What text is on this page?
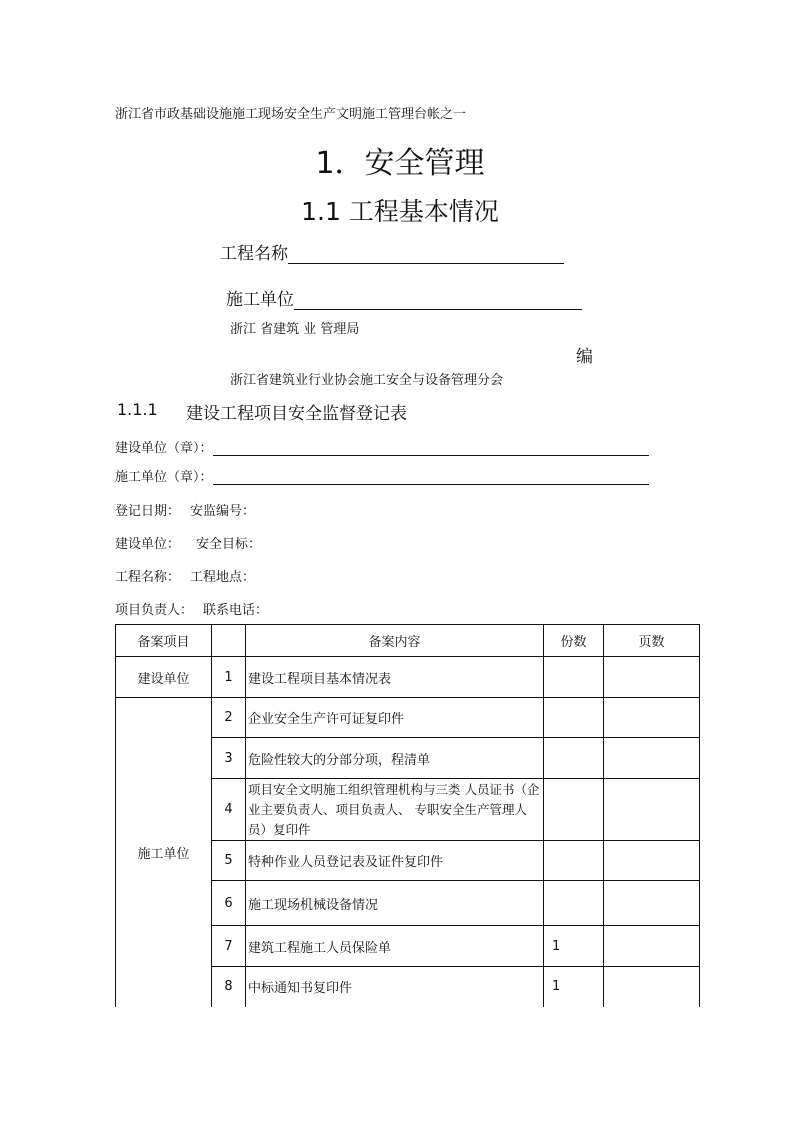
浙江省市政基础设施施工现场安全生产文明施工管理台帐之一
1．安全管理
1.1 工程基本情况
工程名称
施工单位
浙江 省建筑 业 管理局
编
浙江省建筑业行业协会施工安全与设备管理分会
1.1.1 建设工程项目安全监督登记表
建设单位（章）：
施工单位（章）：
登记日期： 安监编号：
建设单位： 安全目标：
工程名称： 工程地点：
项目负责人： 联系电话：
备案项目		备案内容	份数	页数
建设单位	1	建设工程项目基本情况表		
施工单位	2	企业安全生产许可证复印件		
	3	危险性较大的分部分项，程清单		
	4	项目安全文明施工组织管理机构与三类 人员证书（企业主要负责人、项目负责人、 专职安全生产管理人员）复印件		
	5	特种作业人员登记表及证件复印件		
	6	施工现场机械设备情况		
	7	建筑工程施工人员保险单	1	
	8	中标通知书复印件	1	
